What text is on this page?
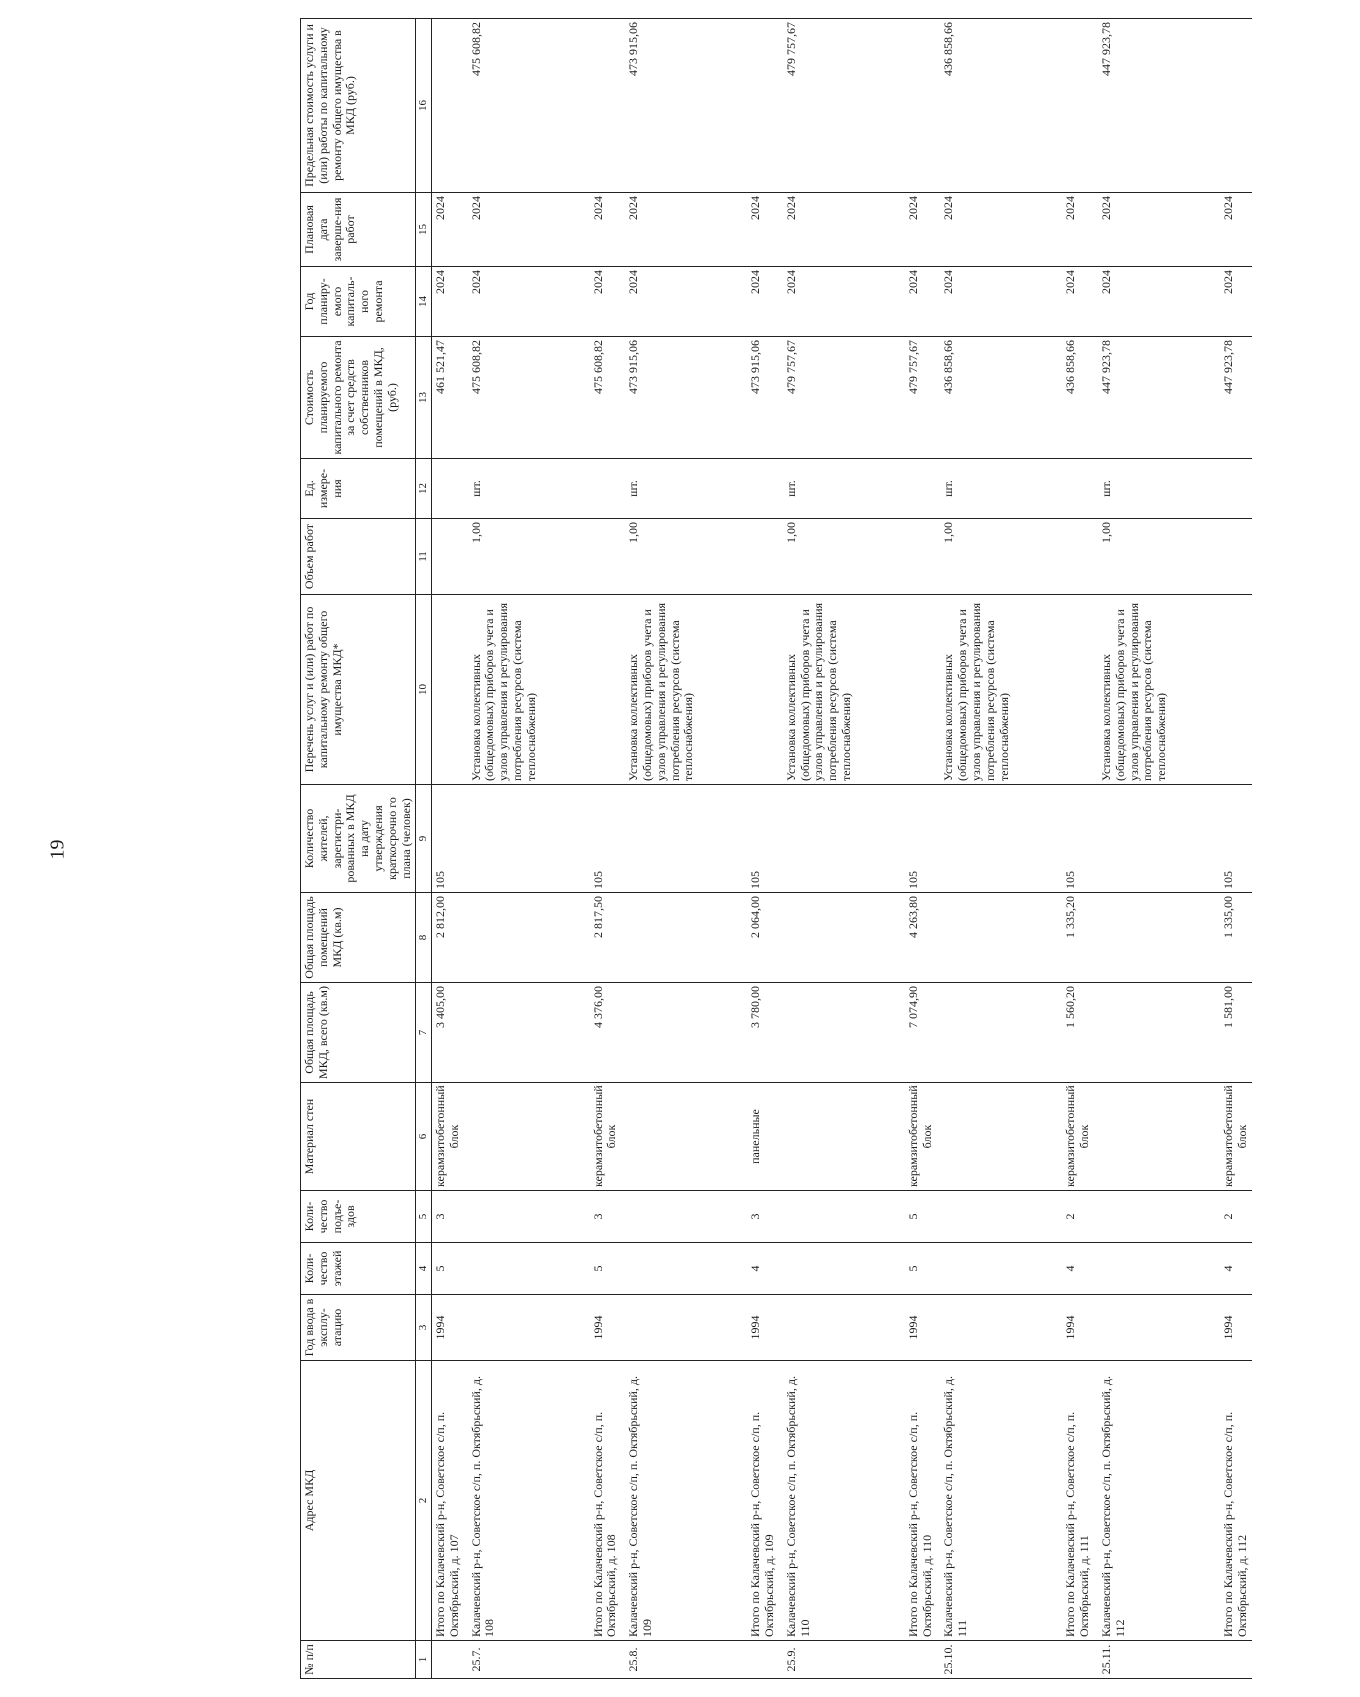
19
№ п/п	Адрес МКД	Год ввода в эксплу-атацию	Коли-чество этажей	Коли-чество подъе-здов	Материал стен	Общая площадь МКД, всего (кв.м)	Общая площадь помещений МКД (кв.м)	Количество жителей, зарегистри-рованных в МКД на дату утверждения краткосрочно го плана (человек)	Перечень услуг и (или) работ по капитальному ремонту общего имущества МКД*	Объем работ	Ед. измере-ния	Стоимость планируемого капитального ремонта за счет средств собственников помещений в МКД, (руб.)	Год планиру-емого капиталь-ного ремонта	Плановая дата заверше-ния работ	Предельная стоимость услуги и (или) работы по капитальному ремонту общего имущества в МКД (руб.)
1	2	3	4	5	6	7	8	9	10	11	12	13	14	15	16
	Итого по Калачевский р-н, Советское с/п, п. Октябрьский, д. 107	1994	5	3	керамзитобетонный блок	3 405,00	2 812,00	105				461 521,47	2024	2024	
25.7.	Калачевский р-н, Советское с/п, п. Октябрьский, д. 108								Установка коллективных (общедомовых) приборов учета и узлов управления и регулирования потребления ресурсов (система теплоснабжения)	1,00	шт.	475 608,82	2024	2024	475 608,82
	Итого по Калачевский р-н, Советское с/п, п. Октябрьский, д. 108	1994	5	3	керамзитобетонный блок	4 376,00	2 817,50	105				475 608,82	2024	2024	
25.8.	Калачевский р-н, Советское с/п, п. Октябрьский, д. 109								Установка коллективных (общедомовых) приборов учета и узлов управления и регулирования потребления ресурсов (система теплоснабжения)	1,00	шт.	473 915,06	2024	2024	473 915,06
	Итого по Калачевский р-н, Советское с/п, п. Октябрьский, д. 109	1994	4	3	панельные	3 780,00	2 064,00	105				473 915,06	2024	2024	
25.9.	Калачевский р-н, Советское с/п, п. Октябрьский, д. 110								Установка коллективных (общедомовых) приборов учета и узлов управления и регулирования потребления ресурсов (система теплоснабжения)	1,00	шт.	479 757,67	2024	2024	479 757,67
	Итого по Калачевский р-н, Советское с/п, п. Октябрьский, д. 110	1994	5	5	керамзитобетонный блок	7 074,90	4 263,80	105				479 757,67	2024	2024	
25.10.	Калачевский р-н, Советское с/п, п. Октябрьский, д. 111								Установка коллективных (общедомовых) приборов учета и узлов управления и регулирования потребления ресурсов (система теплоснабжения)	1,00	шт.	436 858,66	2024	2024	436 858,66
	Итого по Калачевский р-н, Советское с/п, п. Октябрьский, д. 111	1994	4	2	керамзитобетонный блок	1 560,20	1 335,20	105				436 858,66	2024	2024	
25.11.	Калачевский р-н, Советское с/п, п. Октябрьский, д. 112								Установка коллективных (общедомовых) приборов учета и узлов управления и регулирования потребления ресурсов (система теплоснабжения)	1,00	шт.	447 923,78	2024	2024	447 923,78
	Итого по Калачевский р-н, Советское с/п, п. Октябрьский, д. 112	1994	4	2	керамзитобетонный блок	1 581,00	1 335,00	105				447 923,78	2024	2024	
